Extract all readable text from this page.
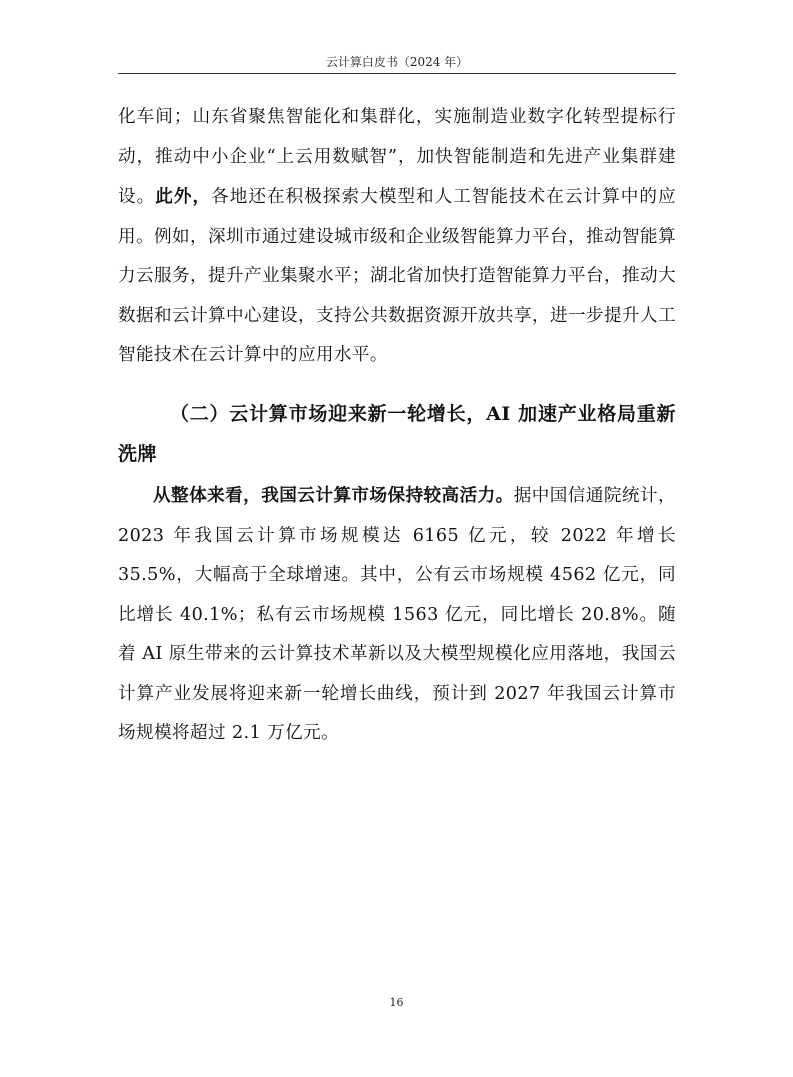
云计算白皮书（2024 年）

化车间；山东省聚焦智能化和集群化，实施制造业数字化转型提标行动，推动中小企业“上云用数赋智”，加快智能制造和先进产业集群建设。此外，各地还在积极探索大模型和人工智能技术在云计算中的应用。例如，深圳市通过建设城市级和企业级智能算力平台，推动智能算力云服务，提升产业集聚水平；湖北省加快打造智能算力平台，推动大数据和云计算中心建设，支持公共数据资源开放共享，进一步提升人工智能技术在云计算中的应用水平。

（二）云计算市场迎来新一轮增长，AI 加速产业格局重新洗牌

从整体来看，我国云计算市场保持较高活力。据中国信通院统计，2023 年我国云计算市场规模达 6165 亿元，较 2022 年增长 35.5%，大幅高于全球增速。其中，公有云市场规模 4562 亿元，同比增长 40.1%；私有云市场规模 1563 亿元，同比增长 20.8%。随着 AI 原生带来的云计算技术革新以及大模型规模化应用落地，我国云计算产业发展将迎来新一轮增长曲线，预计到 2027 年我国云计算市场规模将超过 2.1 万亿元。

16
